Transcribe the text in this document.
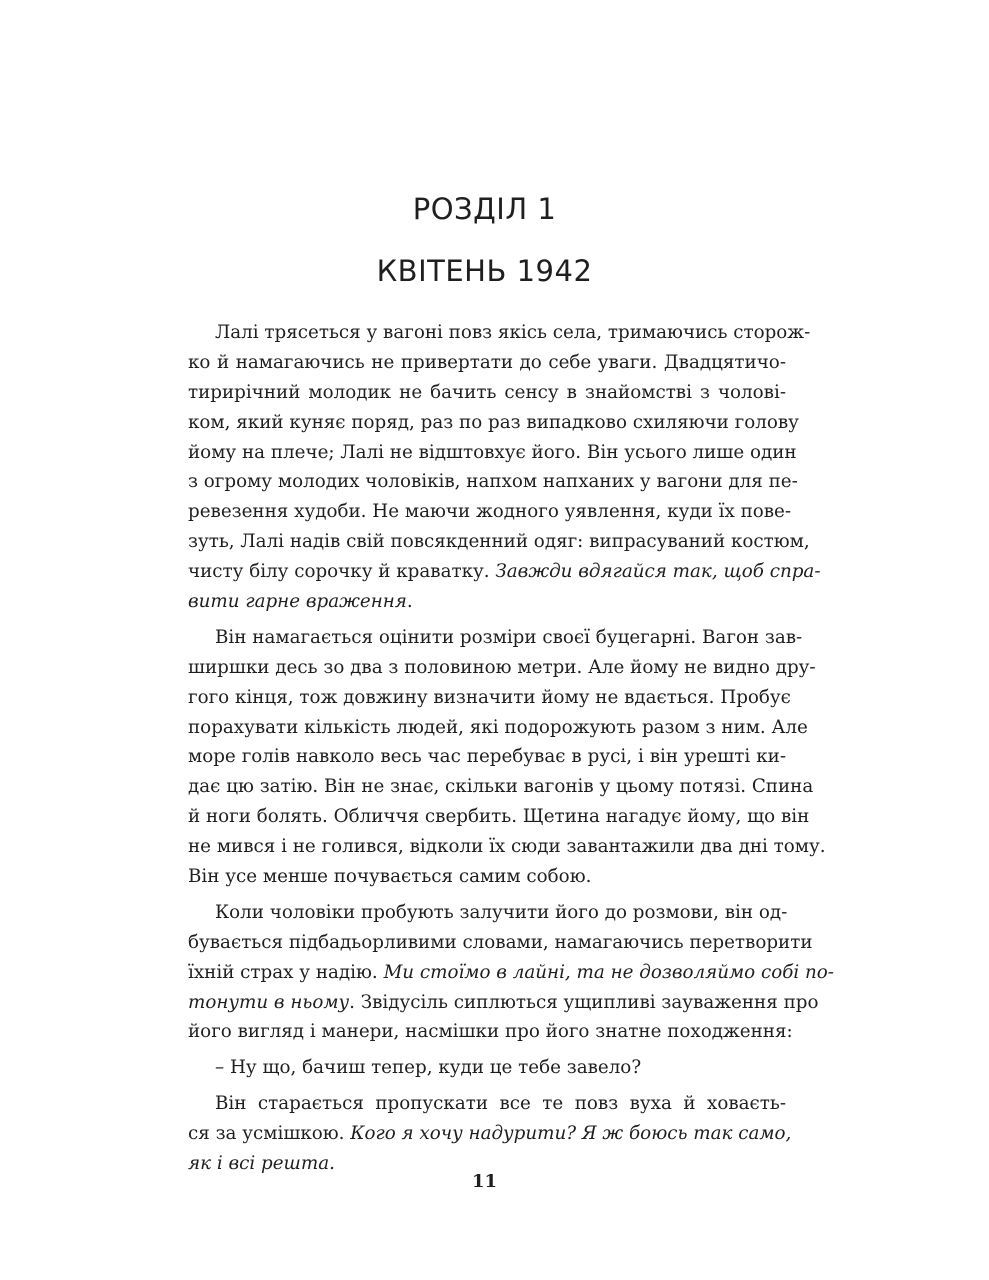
РОЗДІЛ 1
КВІТЕНЬ 1942
Лалі трясеться у вагоні повз якісь села, тримаючись сторож-
ко й намагаючись не привертати до себе уваги. Двадцятичо-
тирирічний молодик не бачить сенсу в знайомстві з чолові-
ком, який куняє поряд, раз по раз випадково схиляючи голову
йому на плече; Лалі не відштовхує його. Він усього лише один
з огрому молодих чоловіків, напхом напханих у вагони для пе-
ревезення худоби. Не маючи жодного уявлення, куди їх пове-
зуть, Лалі надів свій повсякденний одяг: випрасуваний костюм,
чисту білу сорочку й краватку. Завжди вдягайся так, щоб спра-
вити гарне враження.
Він намагається оцінити розміри своєї буцегарні. Вагон зав-
ширшки десь зо два з половиною метри. Але йому не видно дру-
гого кінця, тож довжину визначити йому не вдається. Пробує
порахувати кількість людей, які подорожують разом з ним. Але
море голів навколо весь час перебуває в русі, і він урешті ки-
дає цю затію. Він не знає, скільки вагонів у цьому потязі. Спина
й ноги болять. Обличчя свербить. Щетина нагадує йому, що він
не мився і не голився, відколи їх сюди завантажили два дні тому.
Він усе менше почувається самим собою.
Коли чоловіки пробують залучити його до розмови, він од-
бувається підбадьорливими словами, намагаючись перетворити
їхній страх у надію. Ми стоїмо в лайні, та не дозволяймо собі по-
тонути в ньому. Звідусіль сиплються ущипливі зауваження про
його вигляд і манери, насмішки про його знатне походження:
– Ну що, бачиш тепер, куди це тебе завело?
Він старається пропускати все те повз вуха й ховаєть-
ся за усмішкою. Кого я хочу надурити? Я ж боюсь так само,
як і всі решта.
11
